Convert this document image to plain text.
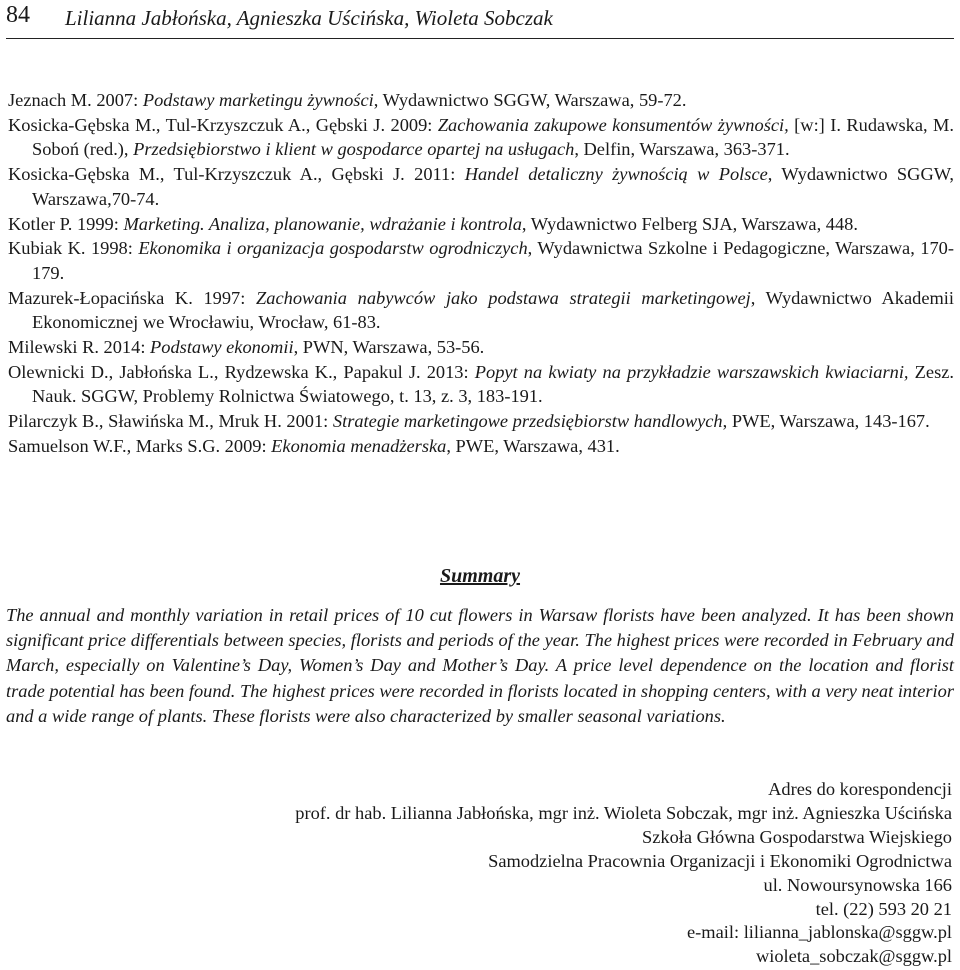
84 Lilianna Jabłońska, Agnieszka Uścińska, Wioleta Sobczak

Jeznach M. 2007: Podstawy marketingu żywności, Wydawnictwo SGGW, Warszawa, 59-72.

Kosicka-Gębska M., Tul-Krzyszczuk A., Gębski J. 2009: Zachowania zakupowe konsumentów żywności, [w:] I. Rudawska, M. Soboń (red.), Przedsiębiorstwo i klient w gospodarce opartej na usługach, Delfin, Warszawa, 363-371.

Kosicka-Gębska M., Tul-Krzyszczuk A., Gębski J. 2011: Handel detaliczny żywnością w Polsce, Wydawnictwo SGGW, Warszawa,70-74.

Kotler P. 1999: Marketing. Analiza, planowanie, wdrażanie i kontrola, Wydawnictwo Felberg SJA, Warszawa, 448.

Kubiak K. 1998: Ekonomika i organizacja gospodarstw ogrodniczych, Wydawnictwa Szkolne i Pedagogiczne, Warszawa, 170-179.

Mazurek-Łopacińska K. 1997: Zachowania nabywców jako podstawa strategii marketingowej, Wydawnictwo Akademii Ekonomicznej we Wrocławiu, Wrocław, 61-83.

Milewski R. 2014: Podstawy ekonomii, PWN, Warszawa, 53-56.

Olewnicki D., Jabłońska L., Rydzewska K., Papakul J. 2013: Popyt na kwiaty na przykładzie warszawskich kwiaciarni, Zesz. Nauk. SGGW, Problemy Rolnictwa Światowego, t. 13, z. 3, 183-191.

Pilarczyk B., Sławińska M., Mruk H. 2001: Strategie marketingowe przedsiębiorstw handlowych, PWE, Warszawa, 143-167.

Samuelson W.F., Marks S.G. 2009: Ekonomia menadżerska, PWE, Warszawa, 431.

Summary
The annual and monthly variation in retail prices of 10 cut flowers in Warsaw florists have been analyzed. It has been shown significant price differentials between species, florists and periods of the year. The highest prices were recorded in February and March, especially on Valentine’s Day, Women’s Day and Mother’s Day. A price level dependence on the location and florist trade potential has been found. The highest prices were recorded in florists located in shopping centers, with a very neat interior and a wide range of plants. These florists were also characterized by smaller seasonal variations.
Adres do korespondencji
prof. dr hab. Lilianna Jabłońska, mgr inż. Wioleta Sobczak, mgr inż. Agnieszka Uścińska
Szkoła Główna Gospodarstwa Wiejskiego
Samodzielna Pracownia Organizacji i Ekonomiki Ogrodnictwa
ul. Nowoursynowska 166
tel. (22) 593 20 21
e-mail: lilianna_jablonska@sggw.pl
wioleta_sobczak@sggw.pl
